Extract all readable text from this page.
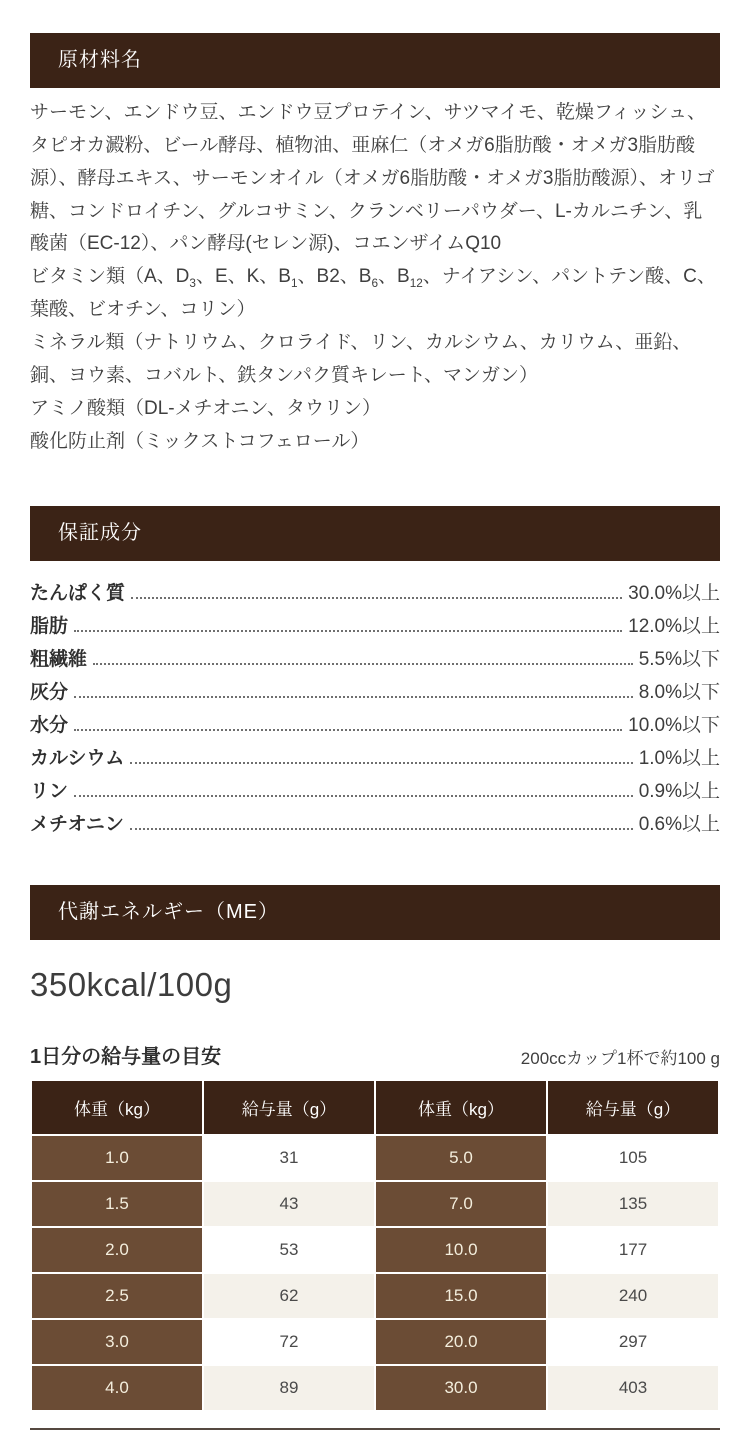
原材料名

サーモン、エンドウ豆、エンドウ豆プロテイン、サツマイモ、乾燥フィッシュ、タピオカ澱粉、ビール酵母、植物油、亜麻仁（オメガ6脂肪酸・オメガ3脂肪酸源）、酵母エキス、サーモンオイル（オメガ6脂肪酸・オメガ3脂肪酸源）、オリゴ糖、コンドロイチン、グルコサミン、クランベリーパウダー、L-カルニチン、乳酸菌（EC-12）、パン酵母(セレン源)、コエンザイムQ10

ビタミン類（A、$D_3$、E、K、$B_1$、B2、$B_6$、$B_{12}$、ナイアシン、パントテン酸、C、葉酸、ビオチン、コリン）

ミネラル類（ナトリウム、クロライド、リン、カルシウム、カリウム、亜鉛、銅、ヨウ素、コバルト、鉄タンパク質キレート、マンガン）

アミノ酸類（DL-メチオニン、タウリン）

酸化防止剤（ミックストコフェロール）

保証成分
たんぱく質	30.0%以上
脂肪	12.0%以上
粗繊維	5.5%以下
灰分	8.0%以下
水分	10.0%以下
カルシウム	1.0%以上
リン	0.9%以上
メチオニン	0.6%以上
代謝エネルギー（ME）
350kcal/100g
1日分の給与量の目安	200ccカップ1杯で約100 g
体重（kg）	給与量（g）	体重（kg）	給与量（g）
1.0	31	5.0	105
1.5	43	7.0	135
2.0	53	10.0	177
2.5	62	15.0	240
3.0	72	20.0	297
4.0	89	30.0	403
